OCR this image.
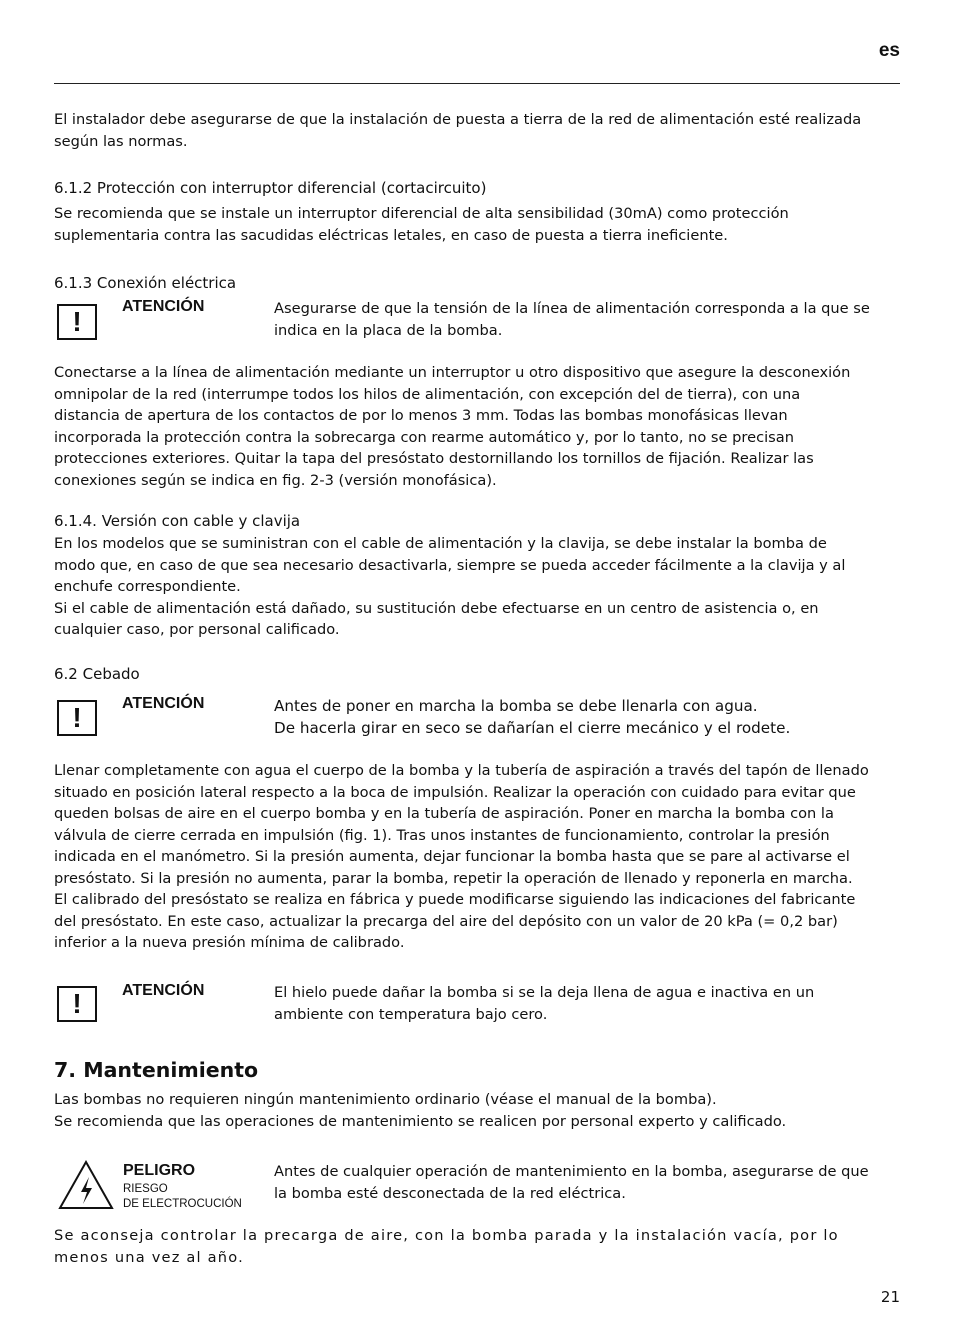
es

El instalador debe asegurarse de que la instalación de puesta a tierra de la red de alimentación esté realizada
según las normas.

6.1.2 Protección con interruptor diferencial (cortacircuito)

Se recomienda que se instale un interruptor diferencial de alta sensibilidad (30mA) como protección
suplementaria contra las sacudidas eléctricas letales, en caso de puesta a tierra ineficiente.

6.1.3 Conexión eléctrica

!	ATENCIÓN	Asegurarse de que la tensión de la línea de alimentación corresponda a la que se
indica en la placa de la bomba.

Conectarse a la línea de alimentación mediante un interruptor u otro dispositivo que asegure la desconexión
omnipolar de la red (interrumpe todos los hilos de alimentación, con excepción del de tierra), con una
distancia de apertura de los contactos de por lo menos 3 mm. Todas las bombas monofásicas llevan
incorporada la protección contra la sobrecarga con rearme automático y, por lo tanto, no se precisan
protecciones exteriores. Quitar la tapa del presóstato destornillando los tornillos de fijación. Realizar las
conexiones según se indica en fig. 2-3 (versión monofásica).

6.1.4. Versión con cable y clavija

En los modelos que se suministran con el cable de alimentación y la clavija, se debe instalar la bomba de
modo que, en caso de que sea necesario desactivarla, siempre se pueda acceder fácilmente a la clavija y al
enchufe correspondiente.
Si el cable de alimentación está dañado, su sustitución debe efectuarse en un centro de asistencia o, en
cualquier caso, por personal calificado.

6.2 Cebado

!	ATENCIÓN	Antes de poner en marcha la bomba se debe llenarla con agua.
De hacerla girar en seco se dañarían el cierre mecánico y el rodete.

Llenar completamente con agua el cuerpo de la bomba y la tubería de aspiración a través del tapón de llenado
situado en posición lateral respecto a la boca de impulsión. Realizar la operación con cuidado para evitar que
queden bolsas de aire en el cuerpo bomba y en la tubería de aspiración. Poner en marcha la bomba con la
válvula de cierre cerrada en impulsión (fig. 1). Tras unos instantes de funcionamiento, controlar la presión
indicada en el manómetro. Si la presión aumenta, dejar funcionar la bomba hasta que se pare al activarse el
presóstato. Si la presión no aumenta, parar la bomba, repetir la operación de llenado y reponerla en marcha.
El calibrado del presóstato se realiza en fábrica y puede modificarse siguiendo las indicaciones del fabricante
del presóstato. En este caso, actualizar la precarga del aire del depósito con un valor de 20 kPa (= 0,2 bar)
inferior a la nueva presión mínima de calibrado.

!	ATENCIÓN	El hielo puede dañar la bomba si se la deja llena de agua e inactiva en un
ambiente con temperatura bajo cero.

7. Mantenimiento

Las bombas no requieren ningún mantenimiento ordinario (véase el manual de la bomba).
Se recomienda que las operaciones de mantenimiento se realicen por personal experto y calificado.

PELIGRO
RIESGO
DE ELECTROCUCIÓN

Antes de cualquier operación de mantenimiento en la bomba, asegurarse de que
la bomba esté desconectada de la red eléctrica.

Se aconseja controlar la precarga de aire, con la bomba parada y la instalación vacía, por lo
menos una vez al año.

21
